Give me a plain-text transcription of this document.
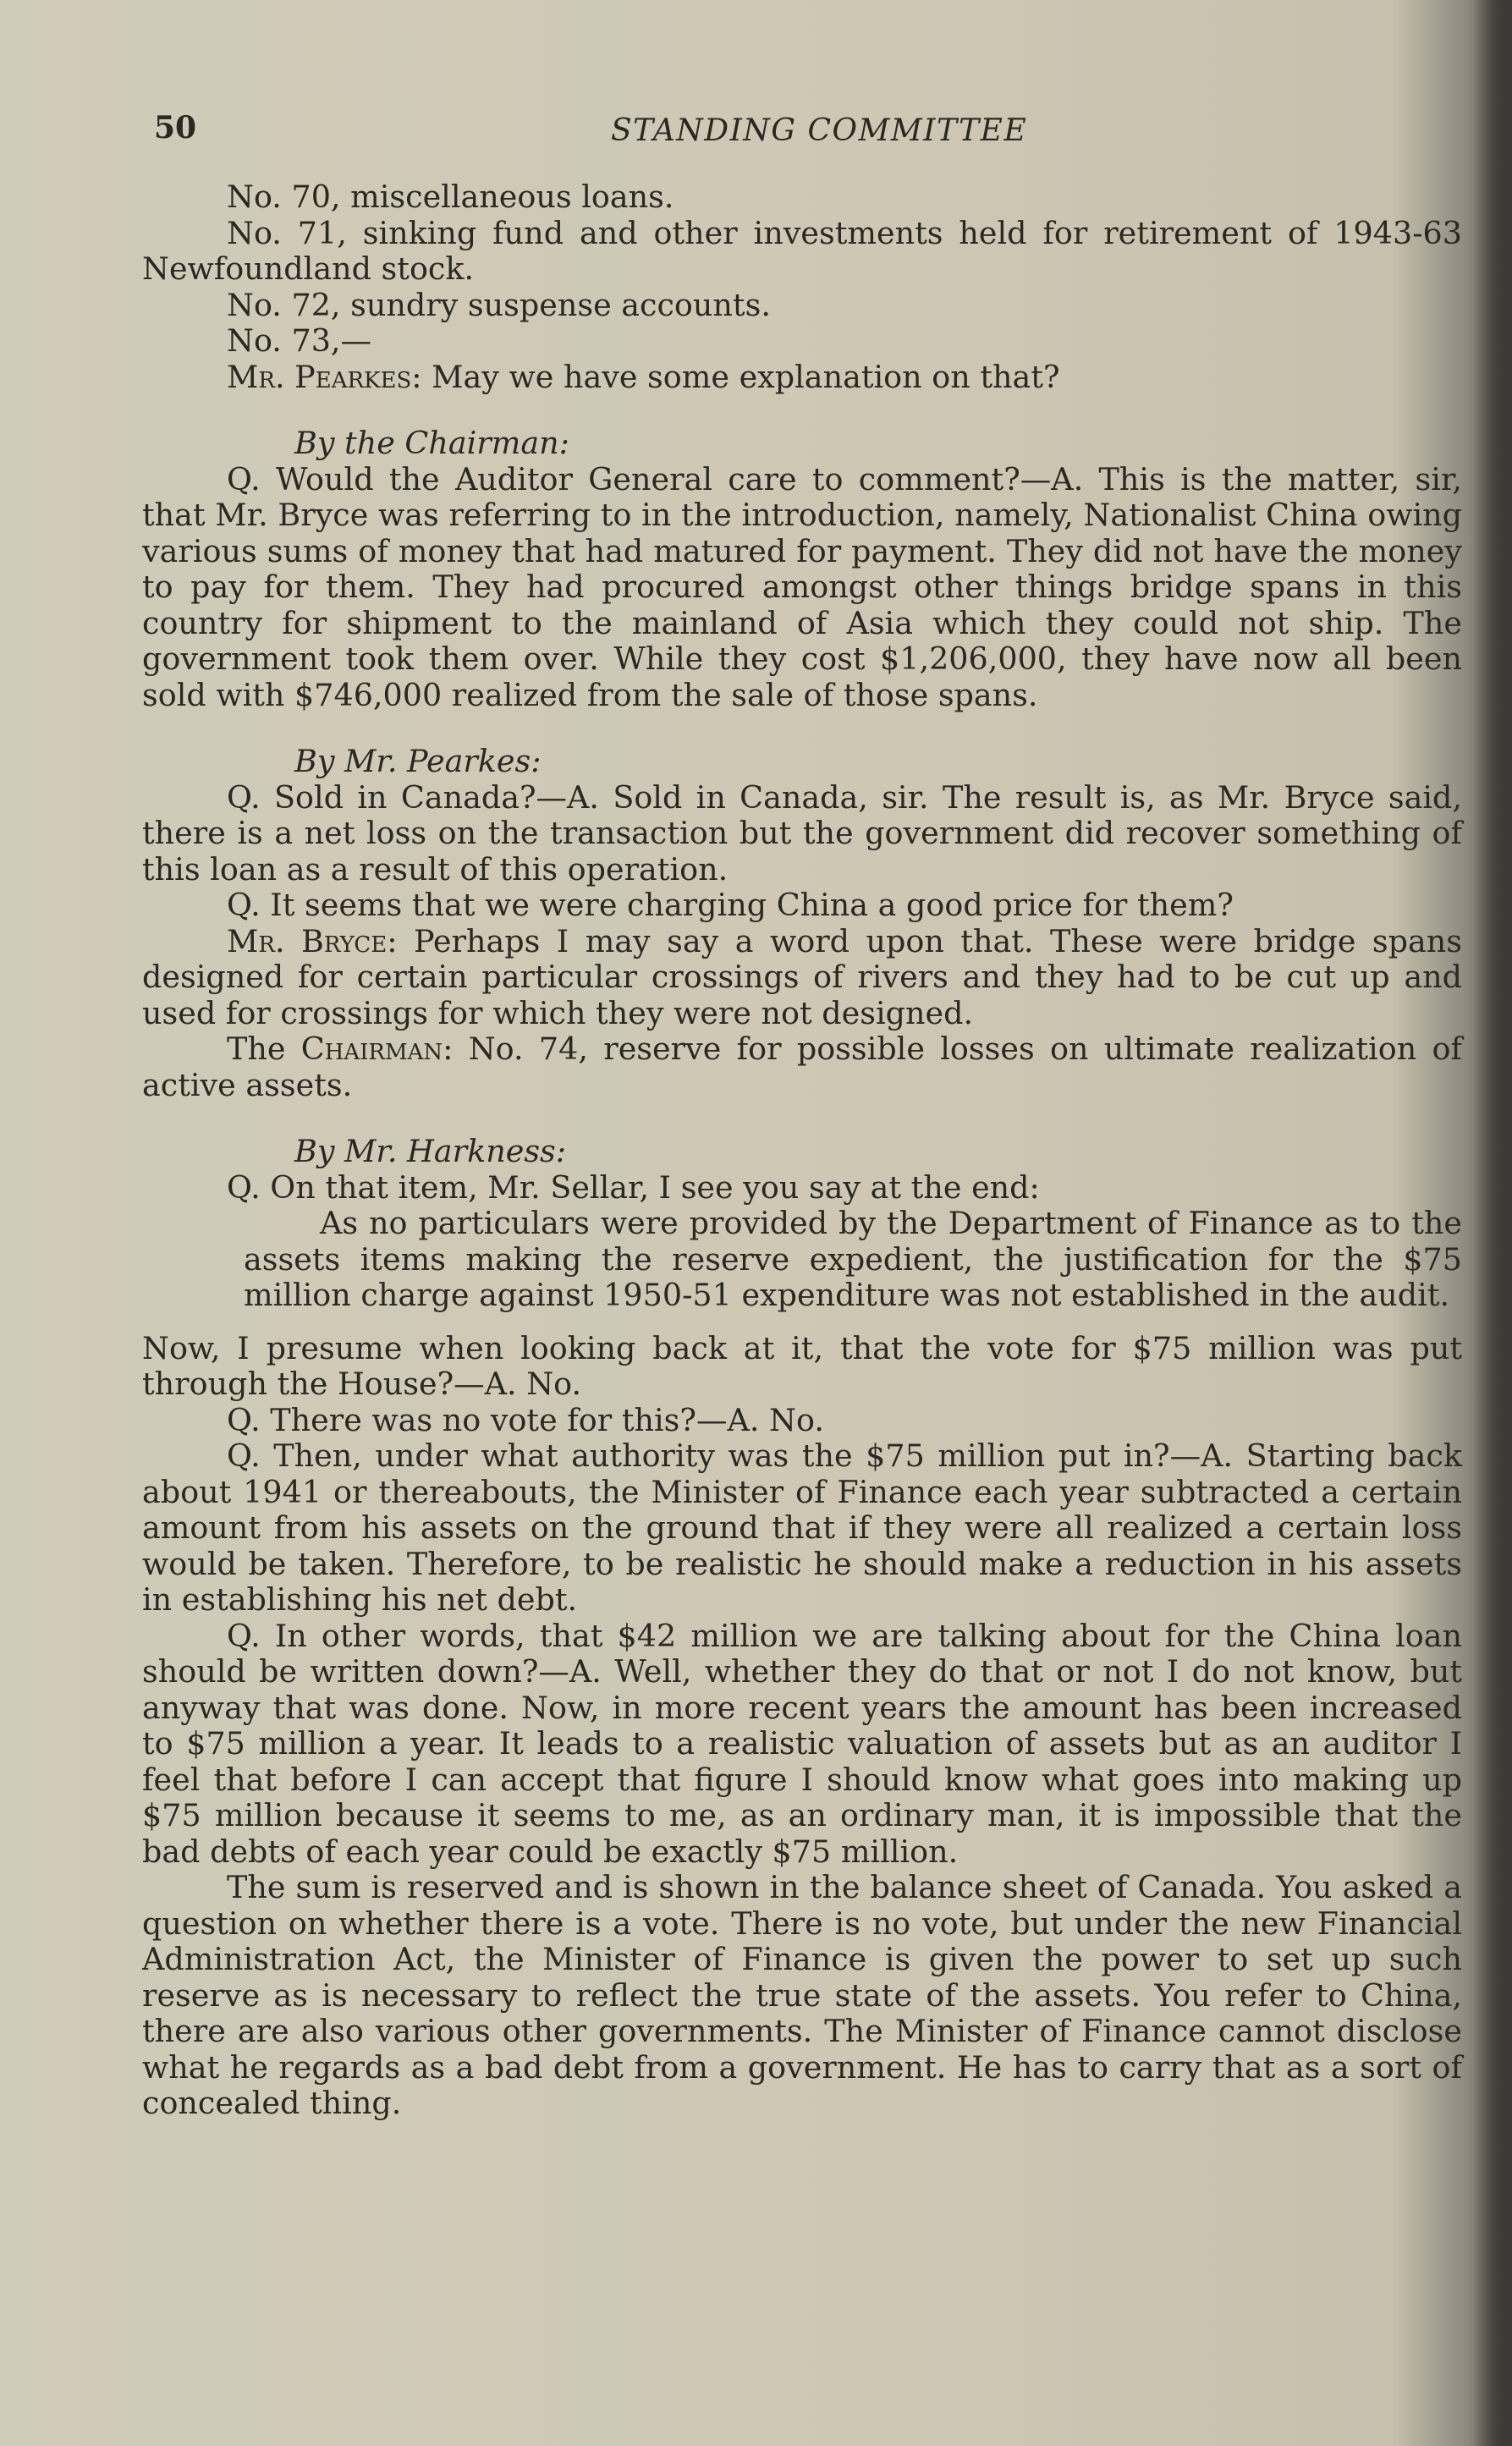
50	STANDING COMMITTEE

No. 70, miscellaneous loans.

No. 71, sinking fund and other investments held for retirement of 1943-63 Newfoundland stock.

No. 72, sundry suspense accounts.

No. 73,—

Mr. Pearkes: May we have some explanation on that?

By the Chairman:

Q. Would the Auditor General care to comment?—A. This is the matter, sir, that Mr. Bryce was referring to in the introduction, namely, Nationalist China owing various sums of money that had matured for payment. They did not have the money to pay for them. They had procured amongst other things bridge spans in this country for shipment to the mainland of Asia which they could not ship. The government took them over. While they cost $1,206,000, they have now all been sold with $746,000 realized from the sale of those spans.

By Mr. Pearkes:

Q. Sold in Canada?—A. Sold in Canada, sir. The result is, as Mr. Bryce said, there is a net loss on the transaction but the government did recover something of this loan as a result of this operation.

Q. It seems that we were charging China a good price for them?

Mr. Bryce: Perhaps I may say a word upon that. These were bridge spans designed for certain particular crossings of rivers and they had to be cut up and used for crossings for which they were not designed.

The Chairman: No. 74, reserve for possible losses on ultimate realization of active assets.

By Mr. Harkness:

Q. On that item, Mr. Sellar, I see you say at the end:

As no particulars were provided by the Department of Finance as to the assets items making the reserve expedient, the justification for the $75 million charge against 1950-51 expenditure was not established in the audit.

Now, I presume when looking back at it, that the vote for $75 million was put through the House?—A. No.

Q. There was no vote for this?—A. No.

Q. Then, under what authority was the $75 million put in?—A. Starting back about 1941 or thereabouts, the Minister of Finance each year subtracted a certain amount from his assets on the ground that if they were all realized a certain loss would be taken. Therefore, to be realistic he should make a reduction in his assets in establishing his net debt.

Q. In other words, that $42 million we are talking about for the China loan should be written down?—A. Well, whether they do that or not I do not know, but anyway that was done. Now, in more recent years the amount has been increased to $75 million a year. It leads to a realistic valuation of assets but as an auditor I feel that before I can accept that figure I should know what goes into making up $75 million because it seems to me, as an ordinary man, it is impossible that the bad debts of each year could be exactly $75 million.

The sum is reserved and is shown in the balance sheet of Canada. You asked a question on whether there is a vote. There is no vote, but under the new Financial Administration Act, the Minister of Finance is given the power to set up such reserve as is necessary to reflect the true state of the assets. You refer to China, there are also various other governments. The Minister of Finance cannot disclose what he regards as a bad debt from a government. He has to carry that as a sort of concealed thing.
